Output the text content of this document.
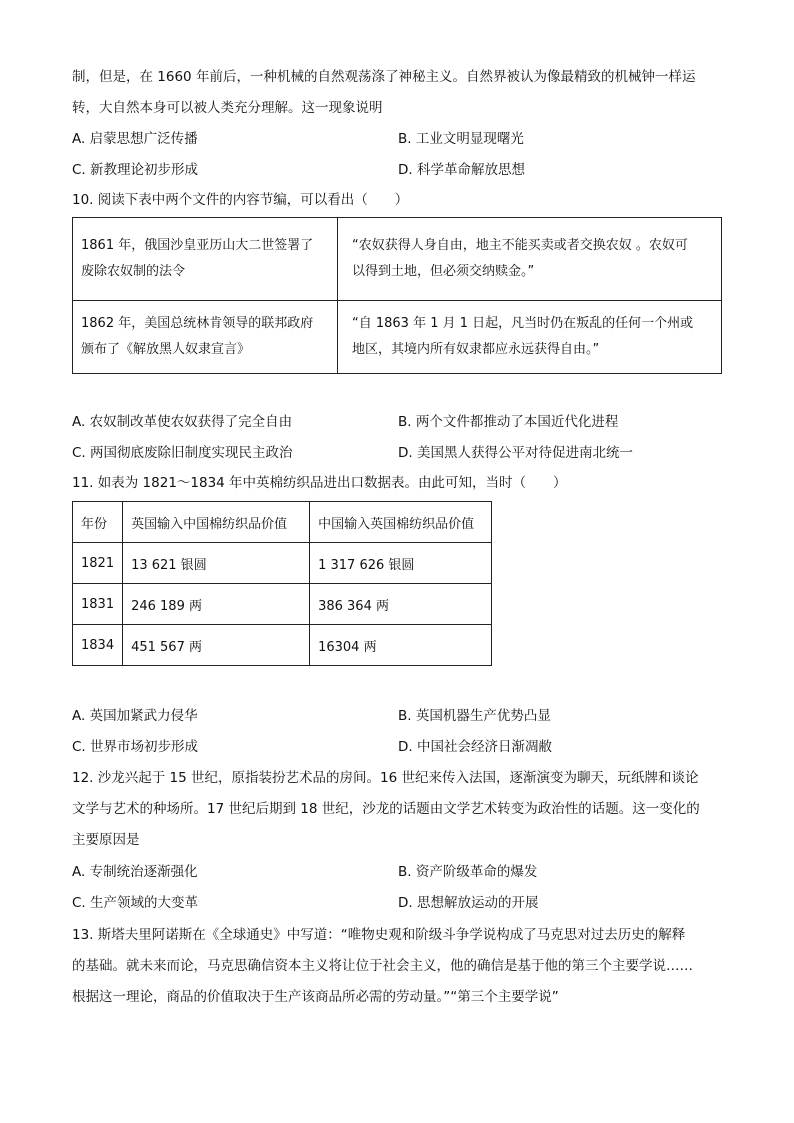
制，但是，在 1660 年前后，一种机械的自然观荡涤了神秘主义。自然界被认为像最精致的机械钟一样运
转，大自然本身可以被人类充分理解。这一现象说明
A. 启蒙思想广泛传播	B. 工业文明显现曙光
C. 新教理论初步形成	D. 科学革命解放思想
10. 阅读下表中两个文件的内容节编，可以看出（　　）
1861 年，俄国沙皇亚历山大二世签署了
废除农奴制的法令	“农奴获得人身自由，地主不能买卖或者交换农奴 。农奴可
以得到土地，但必须交纳赎金。”

1862 年，美国总统林肯领导的联邦政府
颁布了《解放黑人奴隶宣言》	“自 1863 年 1 月 1 日起，凡当时仍在叛乱的任何一个州或
地区，其境内所有奴隶都应永远获得自由。”
A. 农奴制改革使农奴获得了完全自由	B. 两个文件都推动了本国近代化进程
C. 两国彻底废除旧制度实现民主政治	D. 美国黑人获得公平对待促进南北统一
11. 如表为 1821～1834 年中英棉纺织品进出口数据表。由此可知，当时（　　）
年份	英国输入中国棉纺织品价值	中国输入英国棉纺织品价值
1821	13 621 银圆	1 317 626 银圆
1831	246 189 两	386 364 两
1834	451 567 两	16304 两
A. 英国加紧武力侵华	B. 英国机器生产优势凸显
C. 世界市场初步形成	D. 中国社会经济日渐凋敝
12. 沙龙兴起于 15 世纪，原指装扮艺术品的房间。16 世纪来传入法国，逐渐演变为聊天，玩纸牌和谈论
文学与艺术的种场所。17 世纪后期到 18 世纪，沙龙的话题由文学艺术转变为政治性的话题。这一变化的
主要原因是
A. 专制统治逐渐强化	B. 资产阶级革命的爆发
C. 生产领域的大变革	D. 思想解放运动的开展
13. 斯塔夫里阿诺斯在《全球通史》中写道：“唯物史观和阶级斗争学说构成了马克思对过去历史的解释
的基础。就未来而论，马克思确信资本主义将让位于社会主义，他的确信是基于他的第三个主要学说……
根据这一理论，商品的价值取决于生产该商品所必需的劳动量。”“第三个主要学说”
